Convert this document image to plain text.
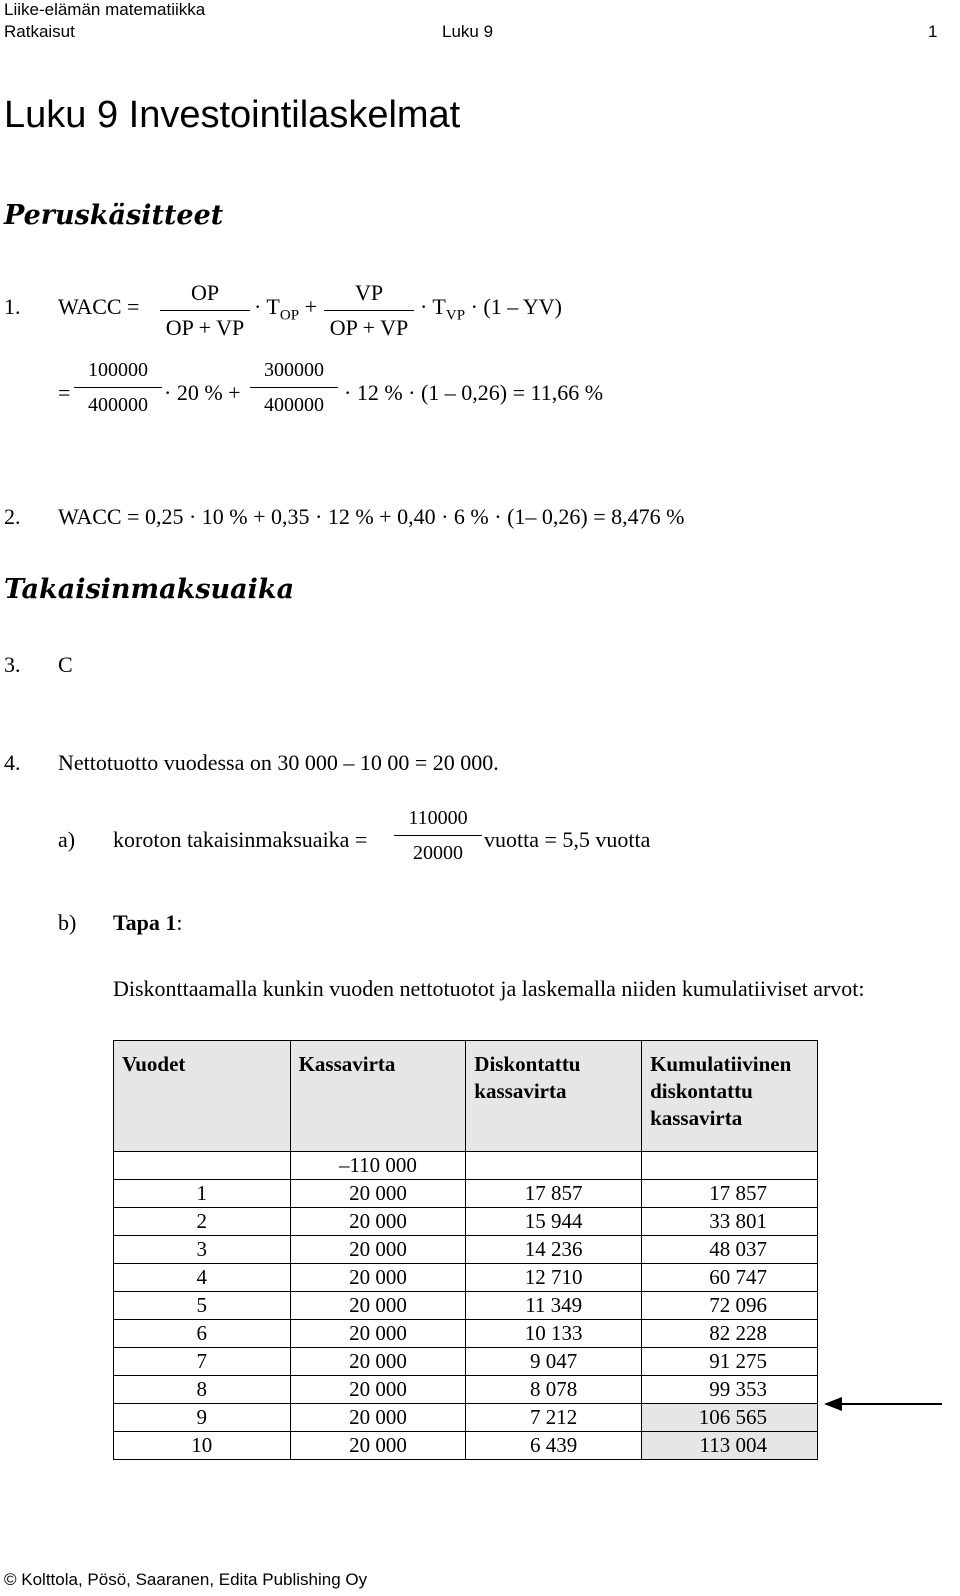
Liike-elämän matematiikka
Ratkaisut	Luku 9	1
Luku 9 Investointilaskelmat
Peruskäsitteet
1. WACC =
OP
OP + VP
· $T_{OP}$ +
VP
OP + VP
· $T_{VP} \cdot (1 - YV)$
=
100000
400000 · 20 % +
300000
400000 · 12 % · (1 – 0,26) = 11,66 %
2. WACC = 0,25 · 10 % + 0,35 · 12 % + 0,40 · 6 % · (1– 0,26) = 8,476 %
Takaisinmaksuaika
3. C
4. Nettotuotto vuodessa on 30 000 – 10 00 = 20 000.
a) koroton takaisinmaksuaika =
110000
20000
vuotta = 5,5 vuotta
b) Tapa 1:
Diskonttaamalla kunkin vuoden nettotuotot ja laskemalla niiden kumulatiiviset arvot:
Vuodet	Kassavirta	Diskontattu kassavirta	Kumulatiivinen diskontattu kassavirta
	–110 000		
1	20 000	17 857	17 857
2	20 000	15 944	33 801
3	20 000	14 236	48 037
4	20 000	12 710	60 747
5	20 000	11 349	72 096
6	20 000	10 133	82 228
7	20 000	9 047	91 275
8	20 000	8 078	99 353
9	20 000	7 212	106 565
10	20 000	6 439	113 004
© Kolttola, Pösö, Saaranen, Edita Publishing Oy
